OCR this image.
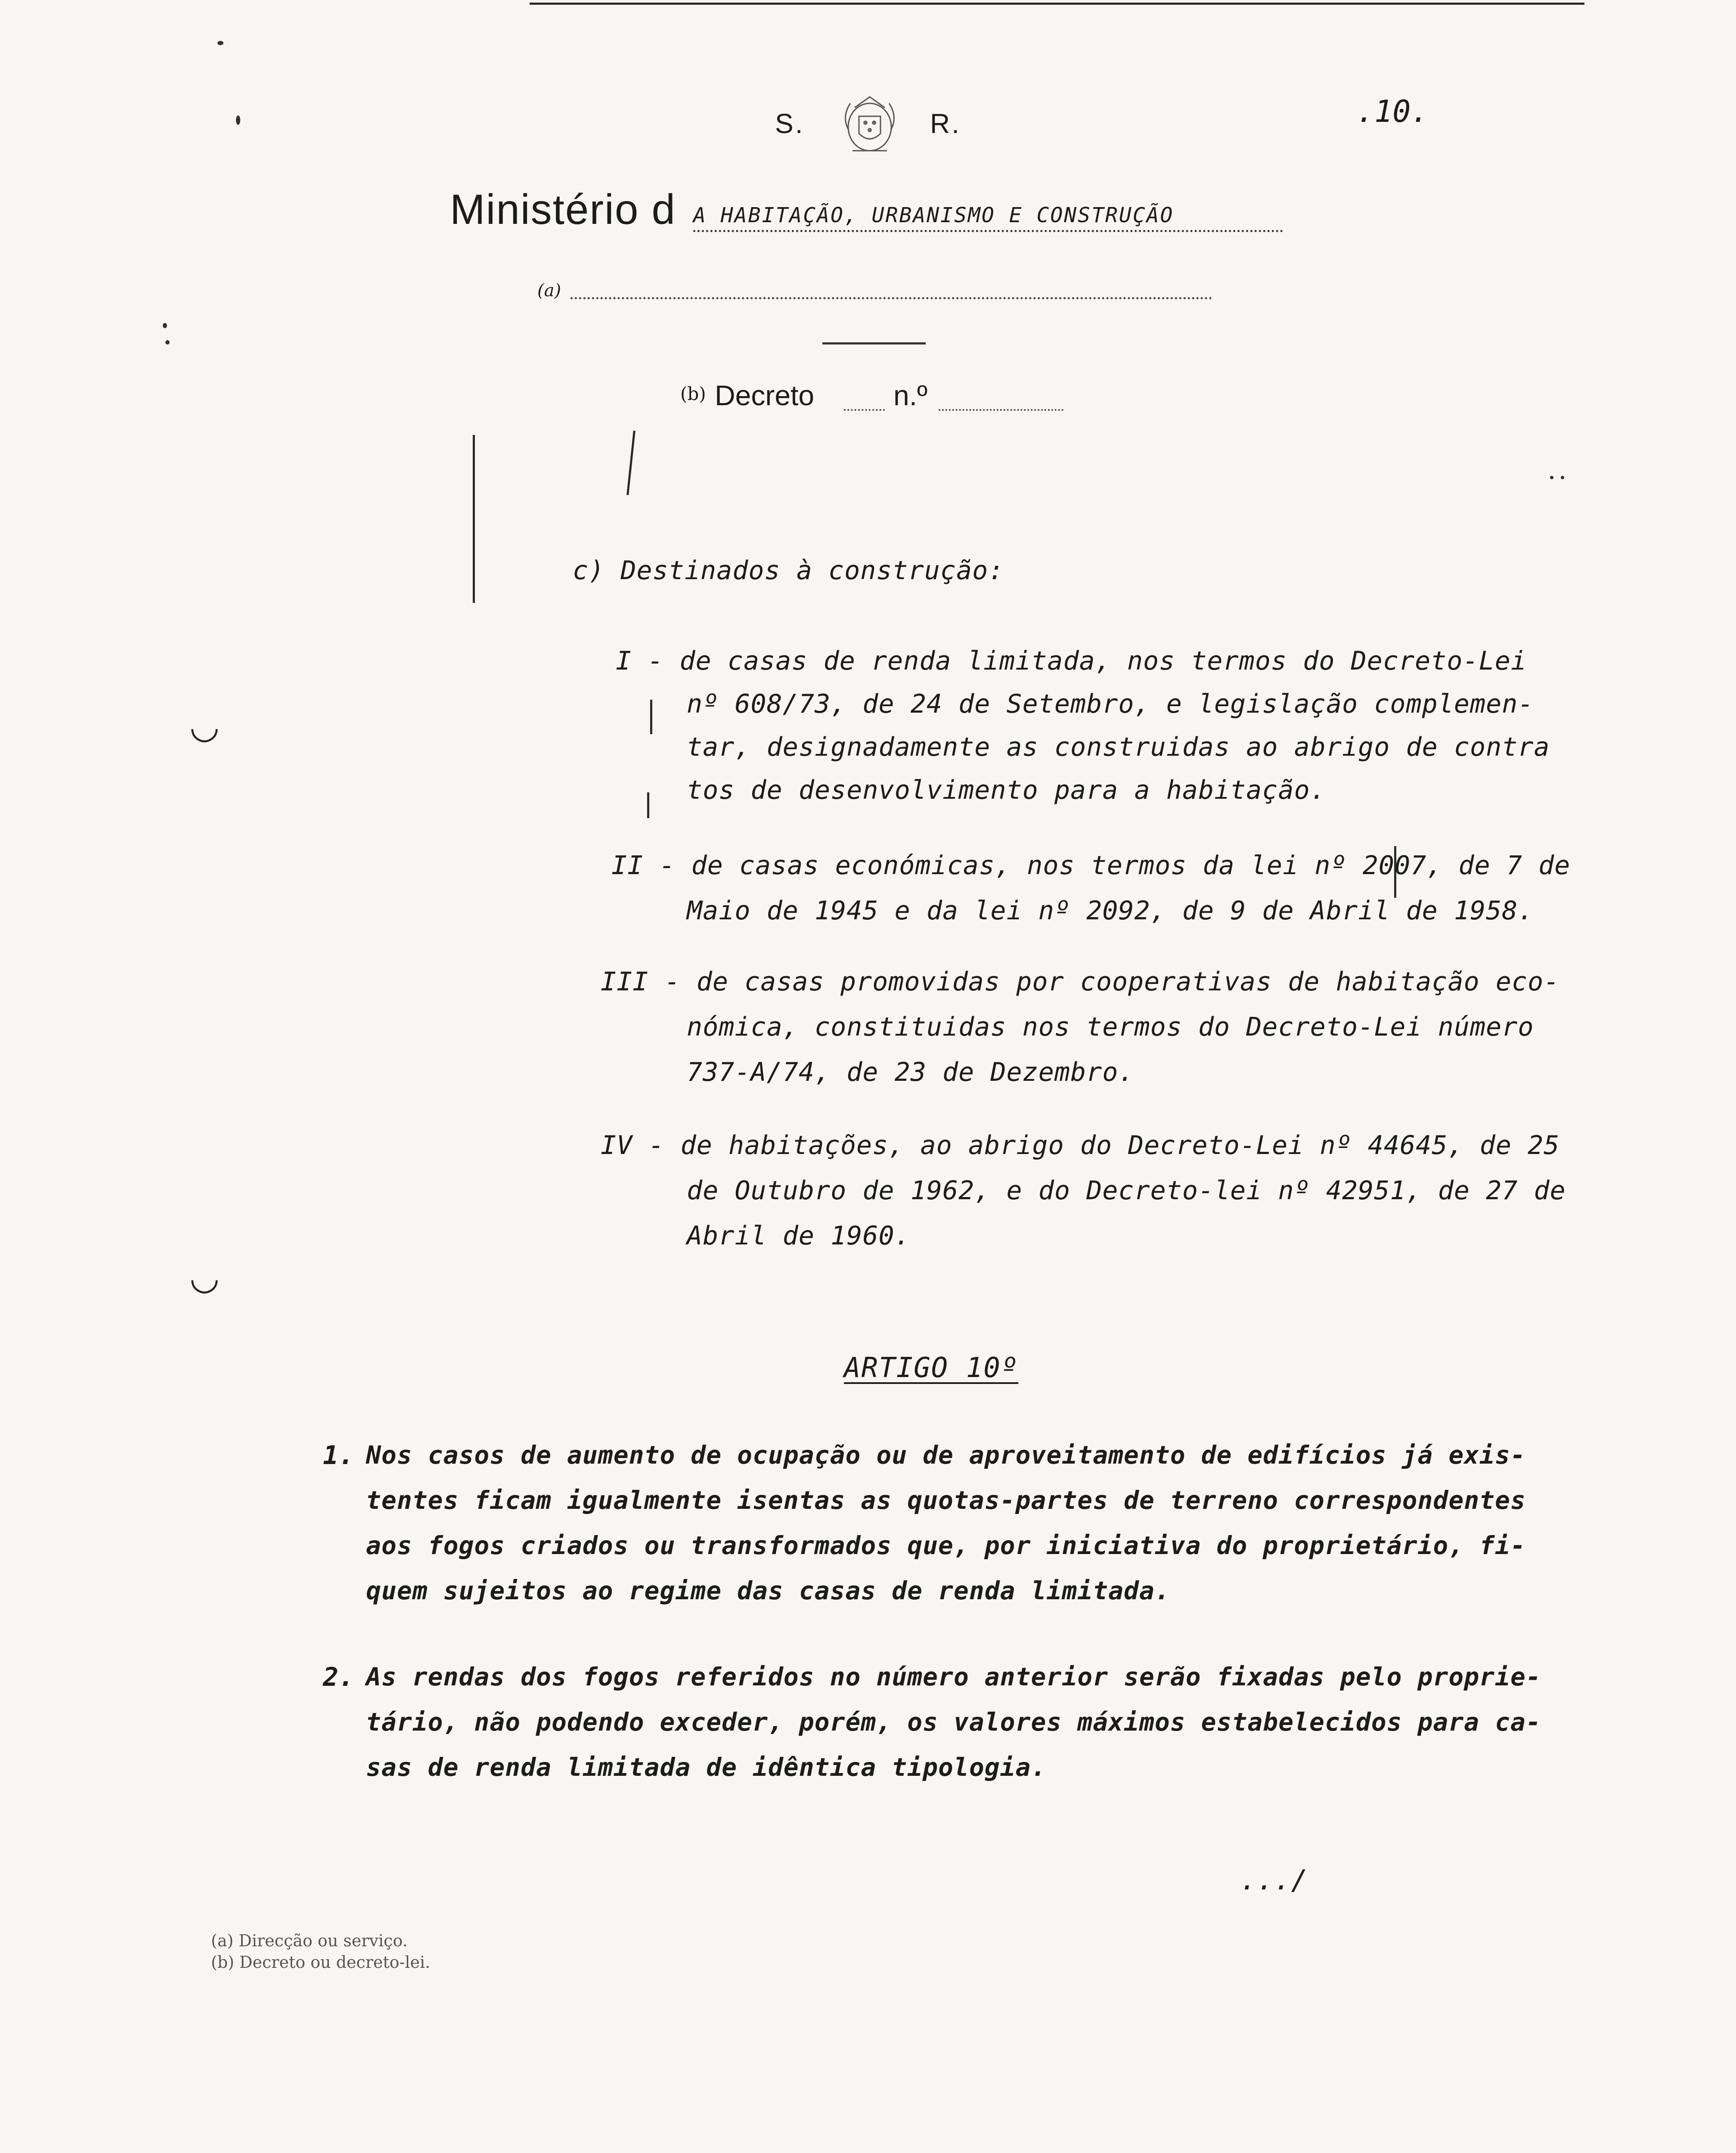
◡
◡
S.	R.	.10.
Ministério d A HABITAÇÃO, URBANISMO E CONSTRUÇÃO
(a)
(b) Decreto	n.º
c) Destinados à construção:
I - de casas de renda limitada, nos termos do Decreto-Lei
nº 608/73, de 24 de Setembro, e legislação complemen-
tar, designadamente as construidas ao abrigo de contra
tos de desenvolvimento para a habitação.
II - de casas económicas, nos termos da lei nº 2007, de 7 de
Maio de 1945 e da lei nº 2092, de 9 de Abril de 1958.
III - de casas promovidas por cooperativas de habitação eco-
nómica, constituidas nos termos do Decreto-Lei número
737-A/74, de 23 de Dezembro.
IV - de habitações, ao abrigo do Decreto-Lei nº 44645, de 25
de Outubro de 1962, e do Decreto-lei nº 42951, de 27 de
Abril de 1960.
ARTIGO 10º
1. Nos casos de aumento de ocupação ou de aproveitamento de edifícios já exis-
tentes ficam igualmente isentas as quotas-partes de terreno correspondentes
aos fogos criados ou transformados que, por iniciativa do proprietário, fi-
quem sujeitos ao regime das casas de renda limitada.
2. As rendas dos fogos referidos no número anterior serão fixadas pelo proprie-
tário, não podendo exceder, porém, os valores máximos estabelecidos para ca-
sas de renda limitada de idêntica tipologia.
.../
(a) Direcção ou serviço.
(b) Decreto ou decreto-lei.
